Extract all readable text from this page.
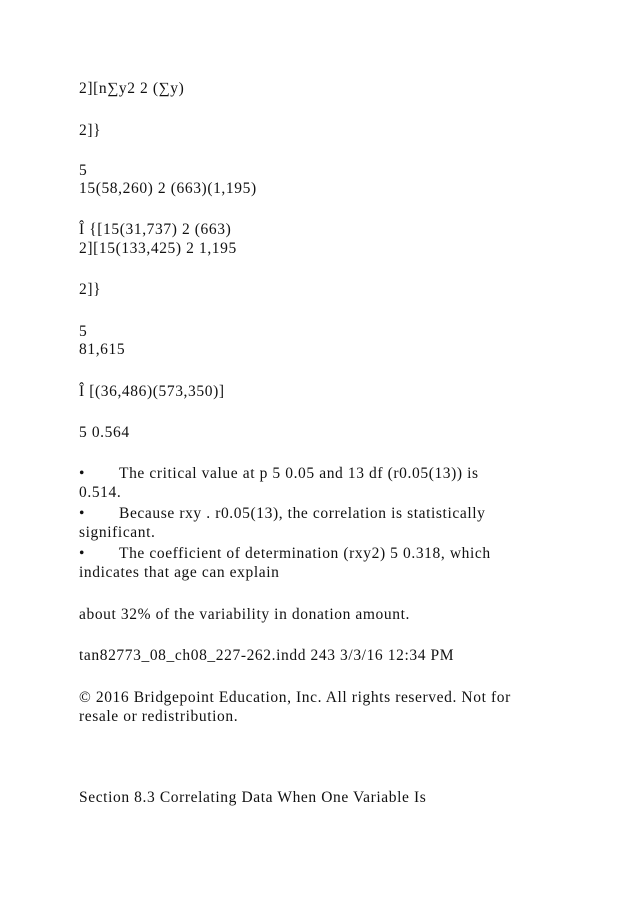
2][n∑y2 2 (∑y)
2]}
5
15(58,260) 2 (663)(1,195)
Î {[15(31,737) 2 (663)
2][15(133,425) 2 1,195
2]}
5
81,615
Î [(36,486)(573,350)]
5 0.564
• The critical value at p 5 0.05 and 13 df (r0.05(13)) is
0.514.
• Because rxy . r0.05(13), the correlation is statistically
significant.
• The coefficient of determination (rxy2) 5 0.318, which
indicates that age can explain
about 32% of the variability in donation amount.
tan82773_08_ch08_227-262.indd 243 3/3/16 12:34 PM
© 2016 Bridgepoint Education, Inc. All rights reserved. Not for
resale or redistribution.
Section 8.3 Correlating Data When One Variable Is
